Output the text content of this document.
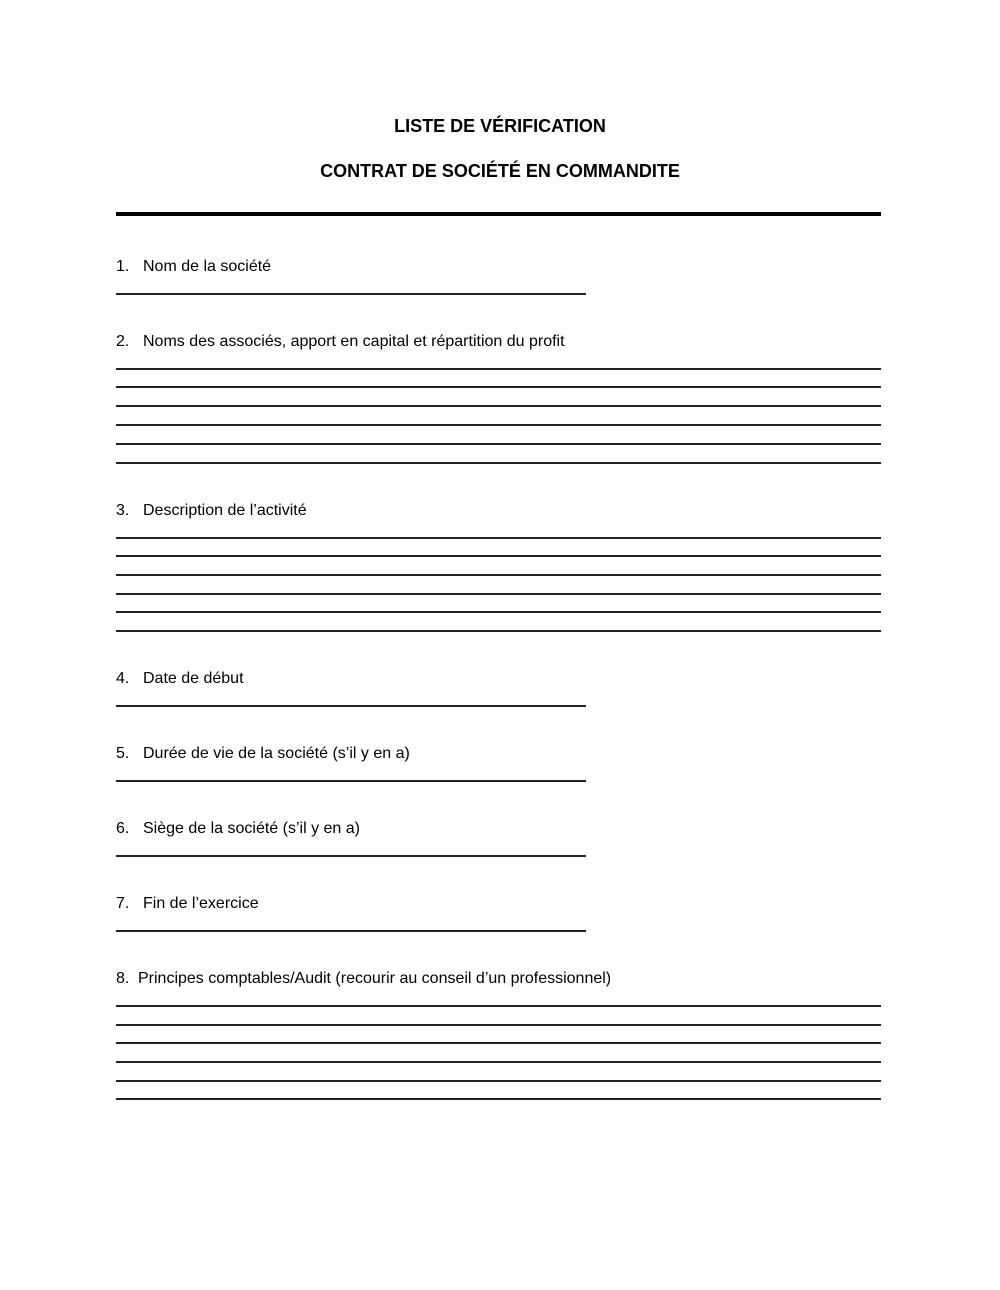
LISTE DE VÉRIFICATION
CONTRAT DE SOCIÉTÉ EN COMMANDITE
1. Nom de la société
2. Noms des associés, apport en capital et répartition du profit
3. Description de l’activité
4. Date de début
5. Durée de vie de la société (s’il y en a)
6. Siège de la société (s’il y en a)
7. Fin de l’exercice
8. Principes comptables/Audit (recourir au conseil d’un professionnel)
